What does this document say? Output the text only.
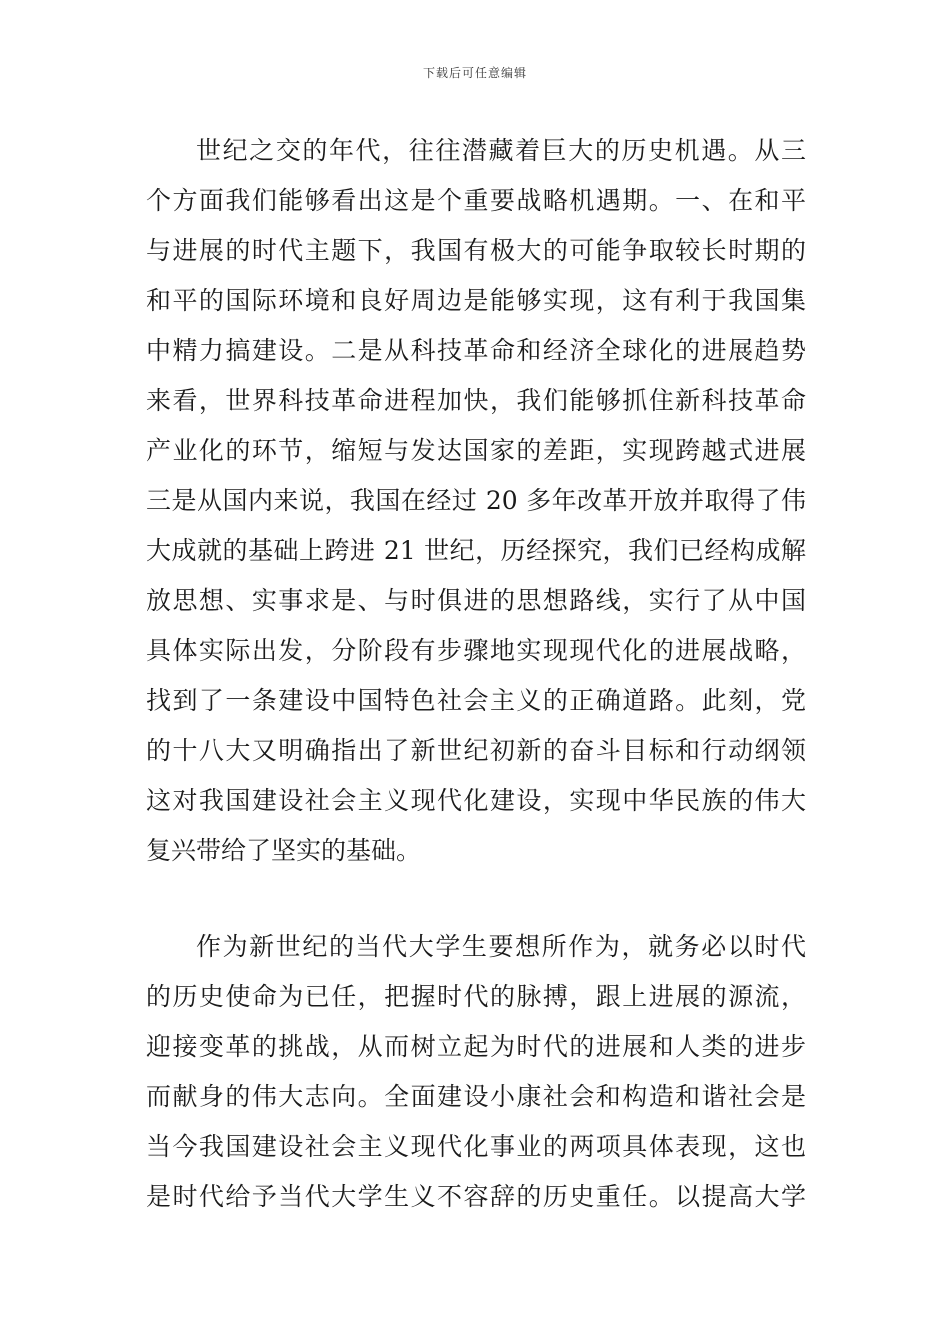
下载后可任意编辑

世纪之交的年代，往往潜藏着巨大的历史机遇。从三
个方面我们能够看出这是个重要战略机遇期。一、在和平
与进展的时代主题下，我国有极大的可能争取较长时期的
和平的国际环境和良好周边是能够实现，这有利于我国集
中精力搞建设。二是从科技革命和经济全球化的进展趋势
来看，世界科技革命进程加快，我们能够抓住新科技革命
产业化的环节，缩短与发达国家的差距，实现跨越式进展
三是从国内来说，我国在经过 20 多年改革开放并取得了伟
大成就的基础上跨进 21 世纪，历经探究，我们已经构成解
放思想、实事求是、与时俱进的思想路线，实行了从中国
具体实际出发，分阶段有步骤地实现现代化的进展战略，
找到了一条建设中国特色社会主义的正确道路。此刻，党
的十八大又明确指出了新世纪初新的奋斗目标和行动纲领
这对我国建设社会主义现代化建设，实现中华民族的伟大
复兴带给了坚实的基础。

作为新世纪的当代大学生要想所作为，就务必以时代
的历史使命为已任，把握时代的脉搏，跟上进展的源流，
迎接变革的挑战，从而树立起为时代的进展和人类的进步
而献身的伟大志向。全面建设小康社会和构造和谐社会是
当今我国建设社会主义现代化事业的两项具体表现，这也
是时代给予当代大学生义不容辞的历史重任。以提高大学
